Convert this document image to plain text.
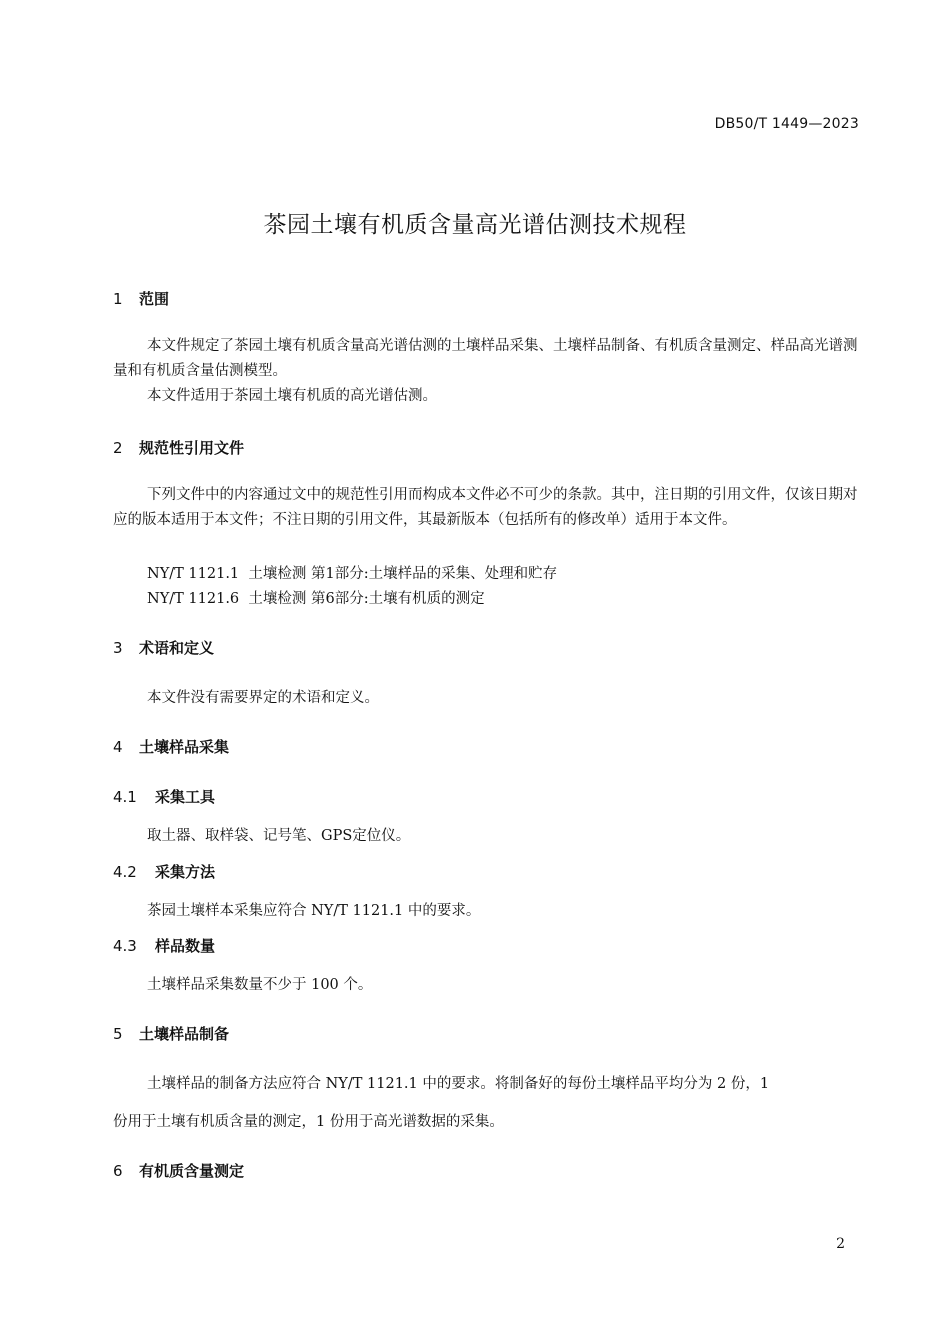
DB50/T 1449—2023
茶园土壤有机质含量高光谱估测技术规程
1 范围
本文件规定了茶园土壤有机质含量高光谱估测的土壤样品采集、土壤样品制备、有机质含量测定、样品高光谱测量和有机质含量估测模型。
本文件适用于茶园土壤有机质的高光谱估测。
2 规范性引用文件
下列文件中的内容通过文中的规范性引用而构成本文件必不可少的条款。其中，注日期的引用文件，仅该日期对应的版本适用于本文件；不注日期的引用文件，其最新版本（包括所有的修改单）适用于本文件。
NY/T 1121.1  土壤检测 第1部分:土壤样品的采集、处理和贮存
NY/T 1121.6  土壤检测 第6部分:土壤有机质的测定
3 术语和定义
本文件没有需要界定的术语和定义。
4 土壤样品采集
4.1 采集工具
取土器、取样袋、记号笔、GPS定位仪。
4.2 采集方法
茶园土壤样本采集应符合 NY/T 1121.1 中的要求。
4.3 样品数量
土壤样品采集数量不少于 100 个。
5 土壤样品制备
土壤样品的制备方法应符合 NY/T 1121.1 中的要求。将制备好的每份土壤样品平均分为 2 份，1
份用于土壤有机质含量的测定，1 份用于高光谱数据的采集。
6 有机质含量测定
2
